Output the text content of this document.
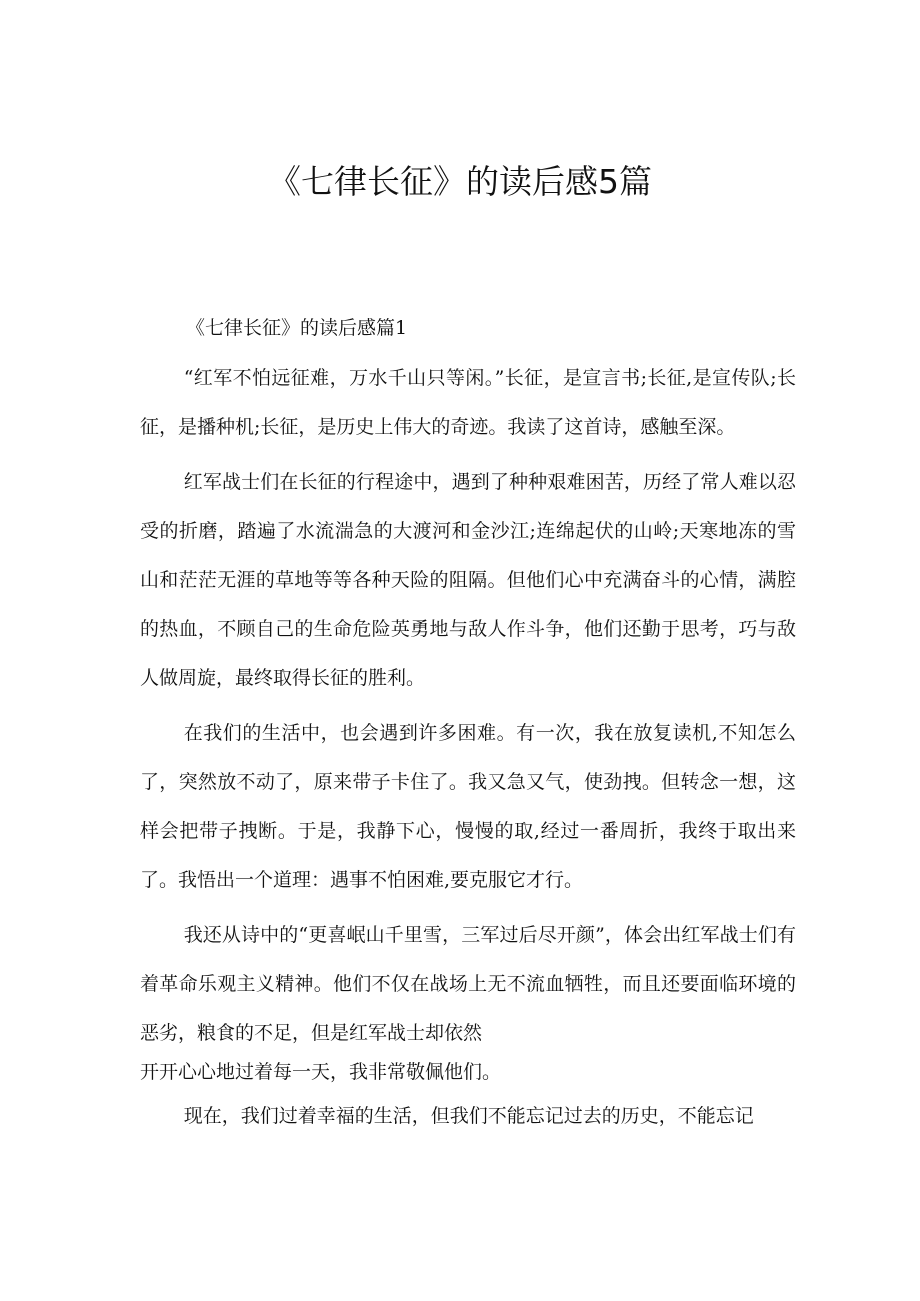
《七律长征》的读后感5篇

《七律长征》的读后感篇1

“红军不怕远征难，万水千山只等闲。”长征，是宣言书;长征,是宣传队;长征，是播种机;长征，是历史上伟大的奇迹。我读了这首诗，感触至深。

红军战士们在长征的行程途中，遇到了种种艰难困苦，历经了常人难以忍受的折磨，踏遍了水流湍急的大渡河和金沙江;连绵起伏的山岭;天寒地冻的雪山和茫茫无涯的草地等等各种天险的阻隔。但他们心中充满奋斗的心情，满腔的热血，不顾自己的生命危险英勇地与敌人作斗争，他们还勤于思考，巧与敌人做周旋，最终取得长征的胜利。

在我们的生活中，也会遇到许多困难。有一次，我在放复读机,不知怎么了，突然放不动了，原来带子卡住了。我又急又气，使劲拽。但转念一想，这样会把带子拽断。于是，我静下心，慢慢的取,经过一番周折，我终于取出来了。我悟出一个道理：遇事不怕困难,要克服它才行。

我还从诗中的“更喜岷山千里雪，三军过后尽开颜”，体会出红军战士们有着革命乐观主义精神。他们不仅在战场上无不流血牺牲，而且还要面临环境的恶劣，粮食的不足，但是红军战士却依然

开开心心地过着每一天，我非常敬佩他们。

现在，我们过着幸福的生活，但我们不能忘记过去的历史，不能忘记
